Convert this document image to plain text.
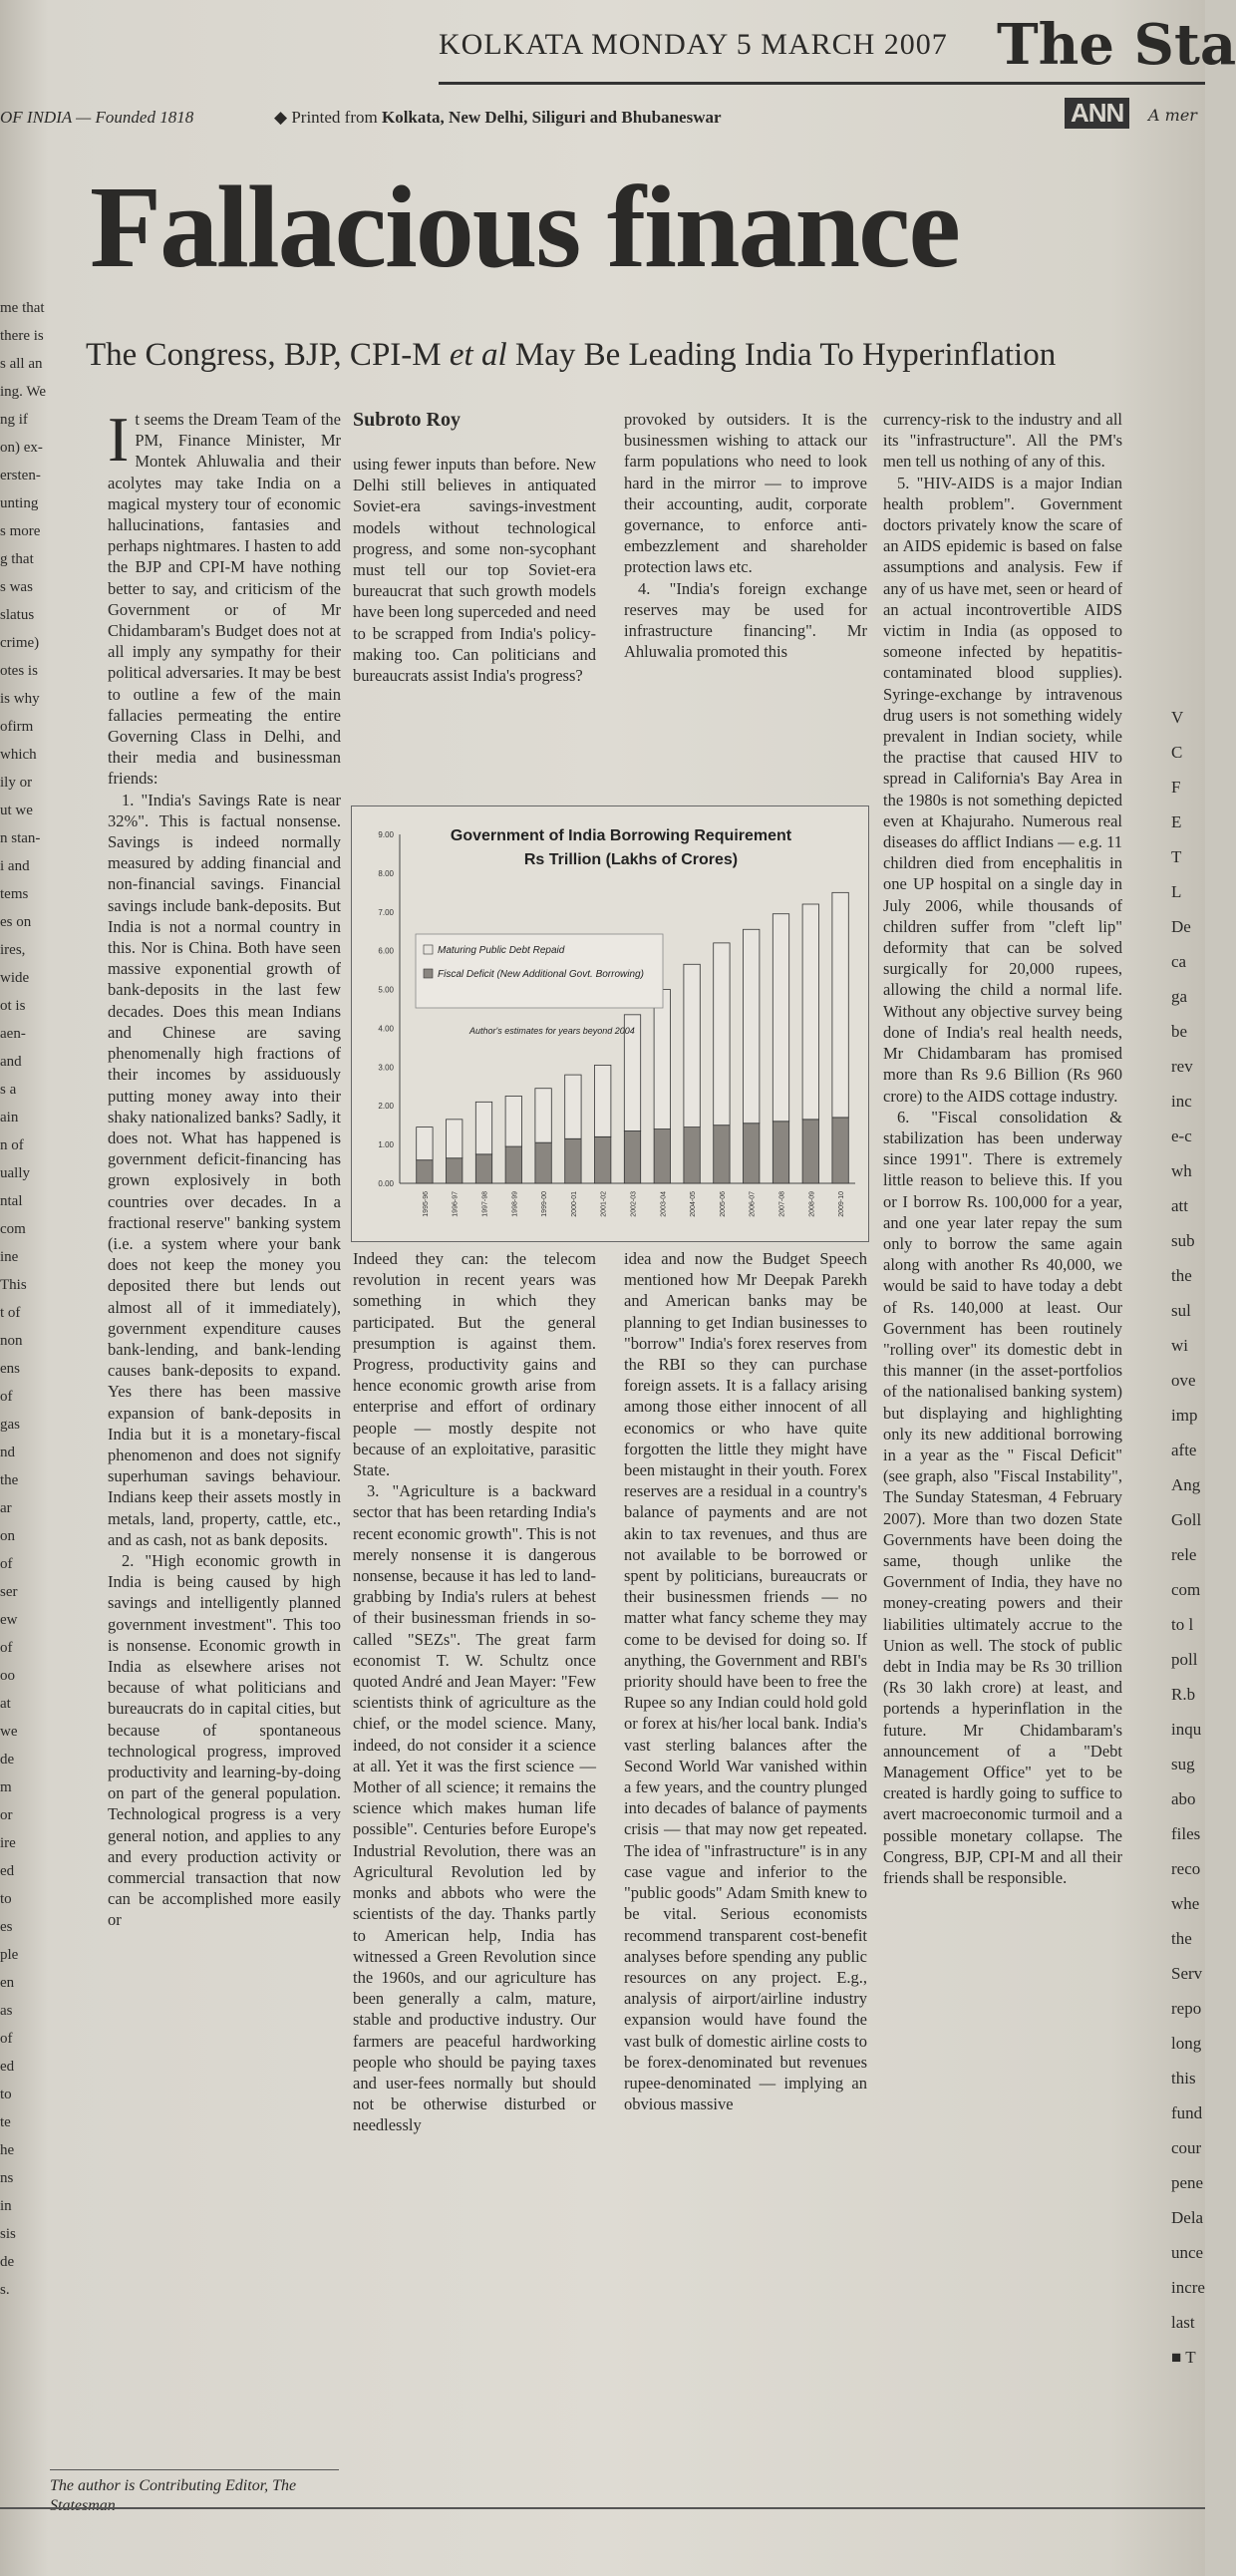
me that
there is
s all an
ing. We
ng if
on) ex-
ersten-
unting
s more
g that
s was
slatus
crime)
otes is
is why
ofirm
which
ily or
ut we
n stan-
i and
tems
es on
ires,
wide
ot is
aen-
and
s a
ain
n of
ually
ntal
com
ine
This
t of
non
ens
of
gas
nd
the
ar
on
of
ser
ew
of
oo
at
we
de
m
or
ire
ed
to
es
ple
en
as
of
ed
to
te
he
ns
in
sis
de
s.
V
C
F
E
T
L
De
ca
ga
be
rev
inc
e-c
wh
att
sub
the
sul
wi
ove
imp
afte
Ang
Goll
rele
com
to l
poll
R.b
inqu
sug
abo
files
reco
whe
the
Serv
repo
long
this
fund
cour
pene
Dela
unce
incre
last
■ T
KOLKATA MONDAY 5 MARCH 2007 The Sta
OF INDIA — Founded 1818	◆ Printed from Kolkata, New Delhi, Siliguri and Bhubaneswar	ANN	A mer
Fallacious finance
The Congress, BJP, CPI-M et al May Be Leading India To Hyperinflation
Subroto Roy

It seems the Dream Team of the PM, Finance Minister, Mr Montek Ahluwalia and their acolytes may take India on a magical mystery tour of economic hallucinations, fantasies and perhaps nightmares. I hasten to add the BJP and CPI-M have nothing better to say, and criticism of the Government or of Mr Chidambaram's Budget does not at all imply any sympathy for their political adversaries. It may be best to outline a few of the main fallacies permeating the entire Governing Class in Delhi, and their media and businessman friends:

1. "India's Savings Rate is near 32%". This is factual nonsense. Savings is indeed normally measured by adding financial and non-financial savings. Financial savings include bank-deposits. But India is not a normal country in this. Nor is China. Both have seen massive exponential growth of bank-deposits in the last few decades. Does this mean Indians and Chinese are saving phenomenally high fractions of their incomes by assiduously putting money away into their shaky nationalized banks? Sadly, it does not. What has happened is government deficit-financing has grown explosively in both countries over decades. In a fractional reserve" banking system (i.e. a system where your bank does not keep the money you deposited there but lends out almost all of it immediately), government expenditure causes bank-lending, and bank-lending causes bank-deposits to expand. Yes there has been massive expansion of bank-deposits in India but it is a monetary-fiscal phenomenon and does not signify superhuman savings behaviour. Indians keep their assets mostly in metals, land, property, cattle, etc., and as cash, not as bank deposits.

2. "High economic growth in India is being caused by high savings and intelligently planned government investment". This too is nonsense. Economic growth in India as elsewhere arises not because of what politicians and bureaucrats do in capital cities, but because of spontaneous technological progress, improved productivity and learning-by-doing on part of the general population. Technological progress is a very general notion, and applies to any and every production activity or commercial transaction that now can be accomplished more easily or

using fewer inputs than before. New Delhi still believes in antiquated Soviet-era savings-investment models without technological progress, and some non-sycophant must tell our top Soviet-era bureaucrat that such growth models have been long superceded and need to be scrapped from India's policy-making too. Can politicians and bureaucrats assist India's progress?

provoked by outsiders. It is the businessmen wishing to attack our farm populations who need to look hard in the mirror — to improve their accounting, audit, corporate governance, to enforce anti-embezzlement and shareholder protection laws etc.

4. "India's foreign exchange reserves may be used for infrastructure financing". Mr Ahluwalia promoted this

Government of India Borrowing Requirement
Rs Trillion (Lakhs of Crores)
0.00
1.00
2.00
3.00
4.00
5.00
6.00
7.00
8.00
9.00
1995-96	1996-97	1997-98	1998-99	1999-00	2000-01	2001-02	2002-03	2003-04	2004-05	2005-06	2006-07	2007-08	2008-09	2009-10
Maturing Public Debt Repaid
Fiscal Deficit (New Additional Govt. Borrowing)
Author's estimates for years beyond 2004

Indeed they can: the telecom revolution in recent years was something in which they participated. But the general presumption is against them. Progress, productivity gains and hence economic growth arise from enterprise and effort of ordinary people — mostly despite not because of an exploitative, parasitic State.

3. "Agriculture is a backward sector that has been retarding India's recent economic growth". This is not merely nonsense it is dangerous nonsense, because it has led to land-grabbing by India's rulers at behest of their businessman friends in so-called "SEZs". The great farm economist T. W. Schultz once quoted André and Jean Mayer: "Few scientists think of agriculture as the chief, or the model science. Many, indeed, do not consider it a science at all. Yet it was the first science — Mother of all science; it remains the science which makes human life possible". Centuries before Europe's Industrial Revolution, there was an Agricultural Revolution led by monks and abbots who were the scientists of the day. Thanks partly to American help, India has witnessed a Green Revolution since the 1960s, and our agriculture has been generally a calm, mature, stable and productive industry. Our farmers are peaceful hardworking people who should be paying taxes and user-fees normally but should not be otherwise disturbed or needlessly

idea and now the Budget Speech mentioned how Mr Deepak Parekh and American banks may be planning to get Indian businesses to "borrow" India's forex reserves from the RBI so they can purchase foreign assets. It is a fallacy arising among those either innocent of all economics or who have quite forgotten the little they might have been mistaught in their youth. Forex reserves are a residual in a country's balance of payments and are not akin to tax revenues, and thus are not available to be borrowed or spent by politicians, bureaucrats or their businessmen friends — no matter what fancy scheme they may come to be devised for doing so. If anything, the Government and RBI's priority should have been to free the Rupee so any Indian could hold gold or forex at his/her local bank. India's vast sterling balances after the Second World War vanished within a few years, and the country plunged into decades of balance of payments crisis — that may now get repeated. The idea of "infrastructure" is in any case vague and inferior to the "public goods" Adam Smith knew to be vital. Serious economists recommend transparent cost-benefit analyses before spending any public resources on any project. E.g., analysis of airport/airline industry expansion would have found the vast bulk of domestic airline costs to be forex-denominated but revenues rupee-denominated — implying an obvious massive

currency-risk to the industry and all its "infrastructure". All the PM's men tell us nothing of any of this.

5. "HIV-AIDS is a major Indian health problem". Government doctors privately know the scare of an AIDS epidemic is based on false assumptions and analysis. Few if any of us have met, seen or heard of an actual incontrovertible AIDS victim in India (as opposed to someone infected by hepatitis-contaminated blood supplies). Syringe-exchange by intravenous drug users is not something widely prevalent in Indian society, while the practise that caused HIV to spread in California's Bay Area in the 1980s is not something depicted even at Khajuraho. Numerous real diseases do afflict Indians — e.g. 11 children died from encephalitis in one UP hospital on a single day in July 2006, while thousands of children suffer from "cleft lip" deformity that can be solved surgically for 20,000 rupees, allowing the child a normal life. Without any objective survey being done of India's real health needs, Mr Chidambaram has promised more than Rs 9.6 Billion (Rs 960 crore) to the AIDS cottage industry.

6. "Fiscal consolidation & stabilization has been underway since 1991". There is extremely little reason to believe this. If you or I borrow Rs. 100,000 for a year, and one year later repay the sum only to borrow the same again along with another Rs 40,000, we would be said to have today a debt of Rs. 140,000 at least. Our Government has been routinely "rolling over" its domestic debt in this manner (in the asset-portfolios of the nationalised banking system) but displaying and highlighting only its new additional borrowing in a year as the " Fiscal Deficit" (see graph, also "Fiscal Instability", The Sunday Statesman, 4 February 2007). More than two dozen State Governments have been doing the same, though unlike the Government of India, they have no money-creating powers and their liabilities ultimately accrue to the Union as well. The stock of public debt in India may be Rs 30 trillion (Rs 30 lakh crore) at least, and portends a hyperinflation in the future. Mr Chidambaram's announcement of a "Debt Management Office" yet to be created is hardly going to suffice to avert macroeconomic turmoil and a possible monetary collapse. The Congress, BJP, CPI-M and all their friends shall be responsible.

The author is Contributing Editor, The Statesman
